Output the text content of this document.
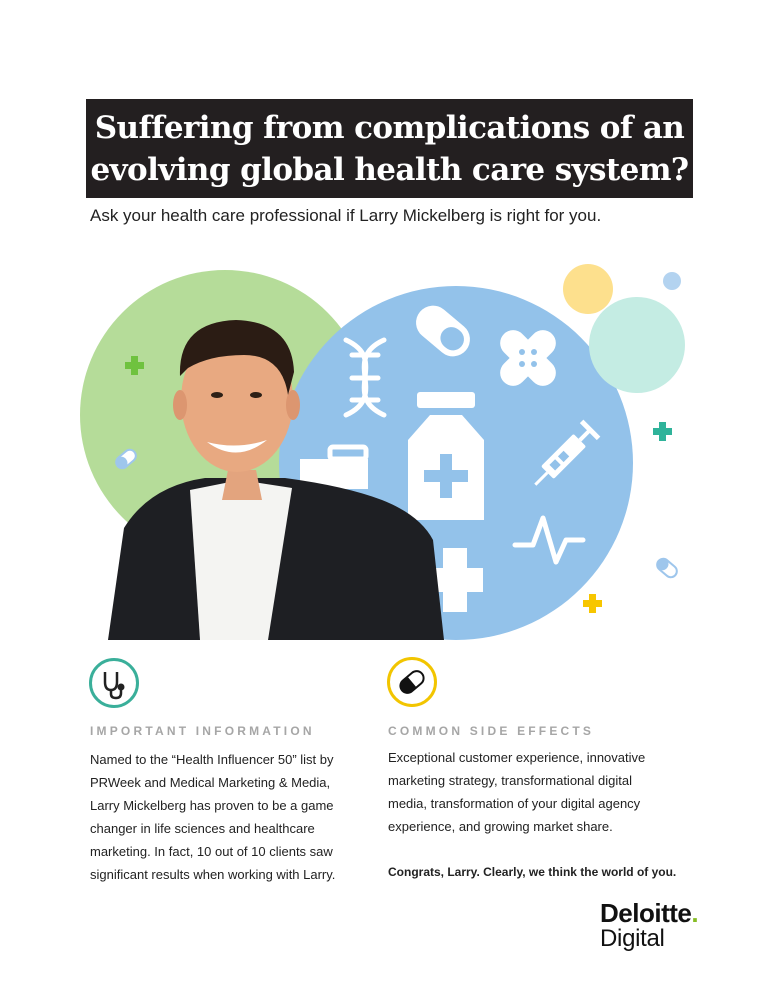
Suffering from complications of an
evolving global health care system?
Ask your health care professional if Larry Mickelberg is right for you.
IMPORTANT INFORMATION
Named to the “Health Influencer 50” list by
PRWeek and Medical Marketing & Media,
Larry Mickelberg has proven to be a game
changer in life sciences and healthcare
marketing. In fact, 10 out of 10 clients saw
significant results when working with Larry.
COMMON SIDE EFFECTS
Exceptional customer experience, innovative
marketing strategy, transformational digital
media, transformation of your digital agency
experience, and growing market share.
Congrats, Larry. Clearly, we think the world of you.
Deloitte.
Digital
